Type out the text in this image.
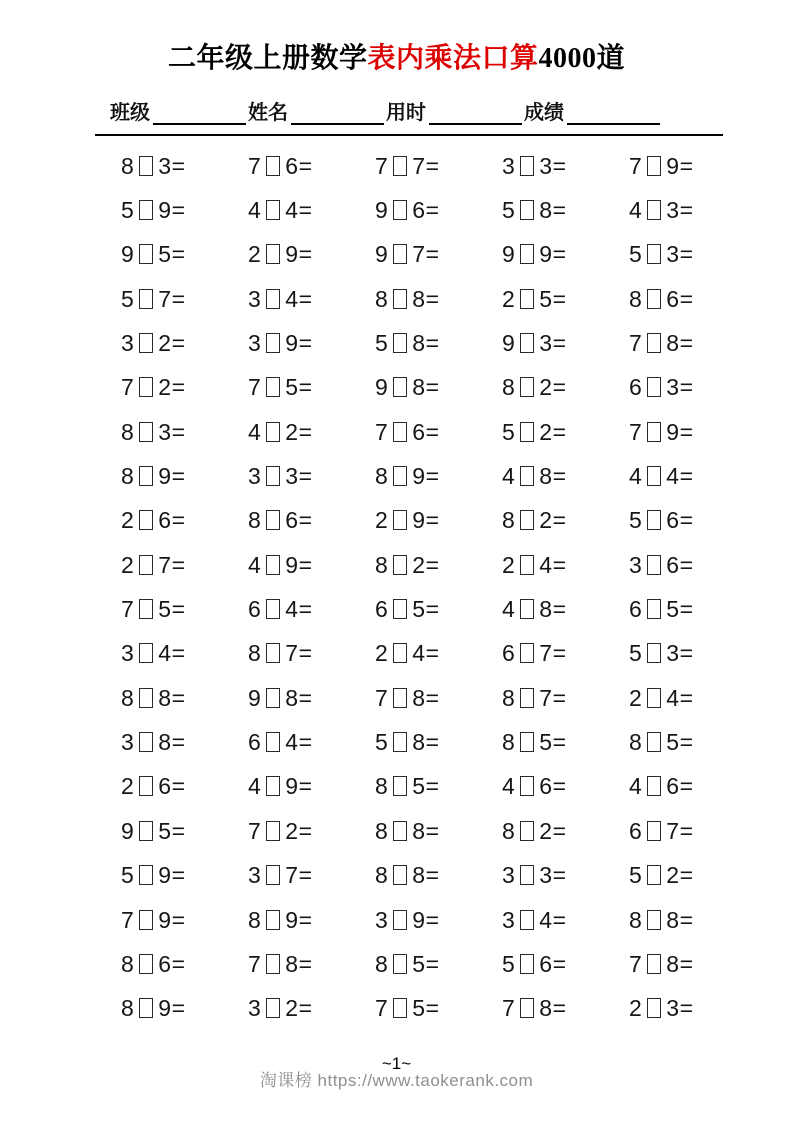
二年级上册数学表内乘法口算4000道
班级	姓名	用时	成绩
8 3=	7 6=	7 7=	3 3=	7 9=
5 9=	4 4=	9 6=	5 8=	4 3=
9 5=	2 9=	9 7=	9 9=	5 3=
5 7=	3 4=	8 8=	2 5=	8 6=
3 2=	3 9=	5 8=	9 3=	7 8=
7 2=	7 5=	9 8=	8 2=	6 3=
8 3=	4 2=	7 6=	5 2=	7 9=
8 9=	3 3=	8 9=	4 8=	4 4=
2 6=	8 6=	2 9=	8 2=	5 6=
2 7=	4 9=	8 2=	2 4=	3 6=
7 5=	6 4=	6 5=	4 8=	6 5=
3 4=	8 7=	2 4=	6 7=	5 3=
8 8=	9 8=	7 8=	8 7=	2 4=
3 8=	6 4=	5 8=	8 5=	8 5=
2 6=	4 9=	8 5=	4 6=	4 6=
9 5=	7 2=	8 8=	8 2=	6 7=
5 9=	3 7=	8 8=	3 3=	5 2=
7 9=	8 9=	3 9=	3 4=	8 8=
8 6=	7 8=	8 5=	5 6=	7 8=
8 9=	3 2=	7 5=	7 8=	2 3=
~1~
淘课榜 https://www.taokerank.com
